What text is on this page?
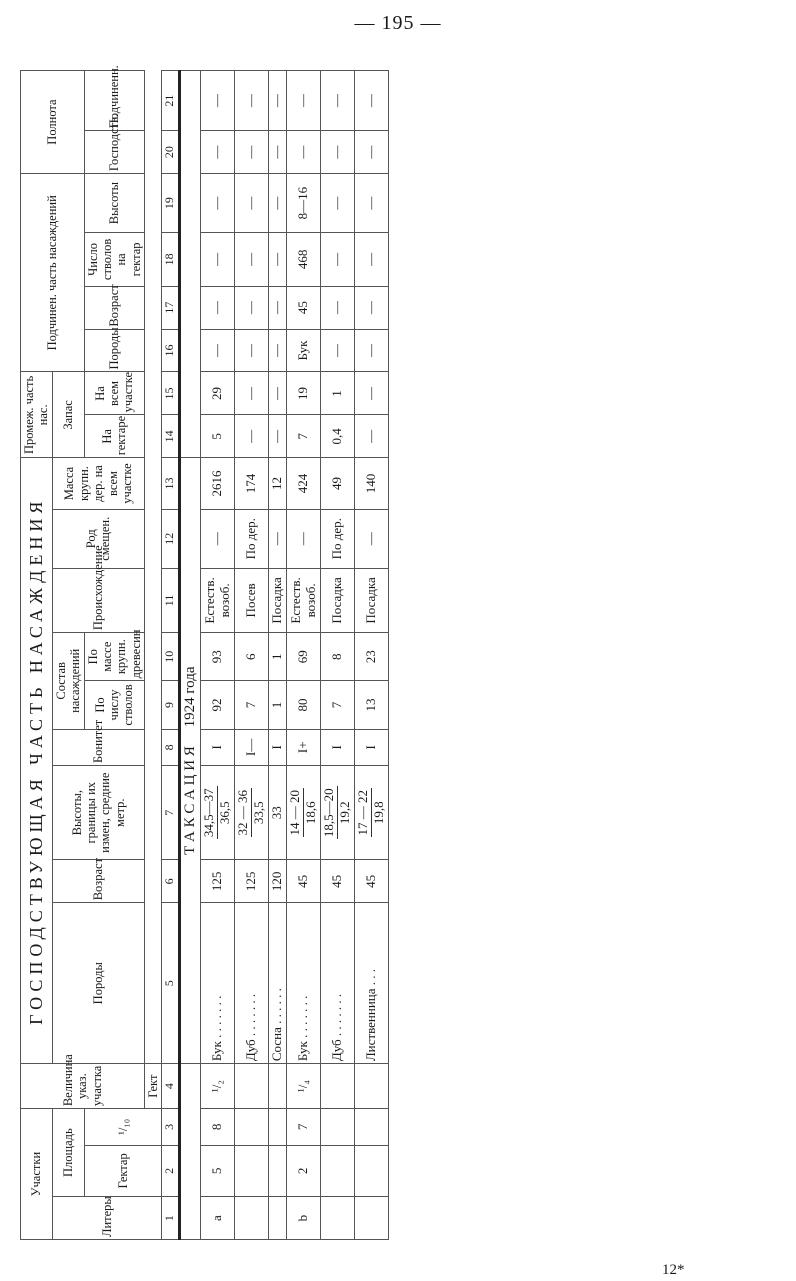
— 195 —
Участки			Величина указ. участка	ГОСПОДСТВУЮЩАЯ ЧАСТЬ НАСАЖДЕНИЯ									Промеж. часть нас.		Подчинен. часть насаждений				Полнота	
Литеры	Площадь			Породы	Возраст	Высоты, границы их измен, средние метр.	Бонитет	Состав насаждений		Происхождение	Род смещен.	Масса крупн. дер. на всем участке	Запас							
	Гектар	¹/₁₀						По числу стволов	По массе крупн. древесин				На гектаре	На всем участке	Породы	Возраст	Число стволов на гектар	Высоты	Господств.	Подчиненн.
			Гект																	
1	2	3	4	5	6	7	8	9	10	11	12	13	14	15	16	17	18	19	20	21
				Т А К С А Ц И Я     1924 года																
a	5	8	¹/₂	Бук . . . . . . .	125	34,5—37 36,5	I	92	93	Естеств. возоб.	—	2616	5	29	—	—	—	—	—	—
				Дуб . . . . . . .	125	32 — 36 33,5	I—	7	6	Посев	По дер.	174	—	—	—	—	—	—	—	—
				Сосна . . . . . .	120	33	I	1	1	Посадка	—	12	—	—	—	—	—	—	—	—
b	2	7	¹/₄	Бук . . . . . . .	45	14 — 20 18,6	I+	80	69	Естеств. возоб.	—	424	7	19	Бук	45	468	8—16	—	—
				Дуб . . . . . . .	45	18,5—20 19,2	I	7	8	Посадка	По дер.	49	0,4	1	—	—	—	—	—	—
				Лиственница . . .	45	17 — 22 19,8	I	13	23	Посадка	—	140	—	—	—	—	—	—	—	—
12*
